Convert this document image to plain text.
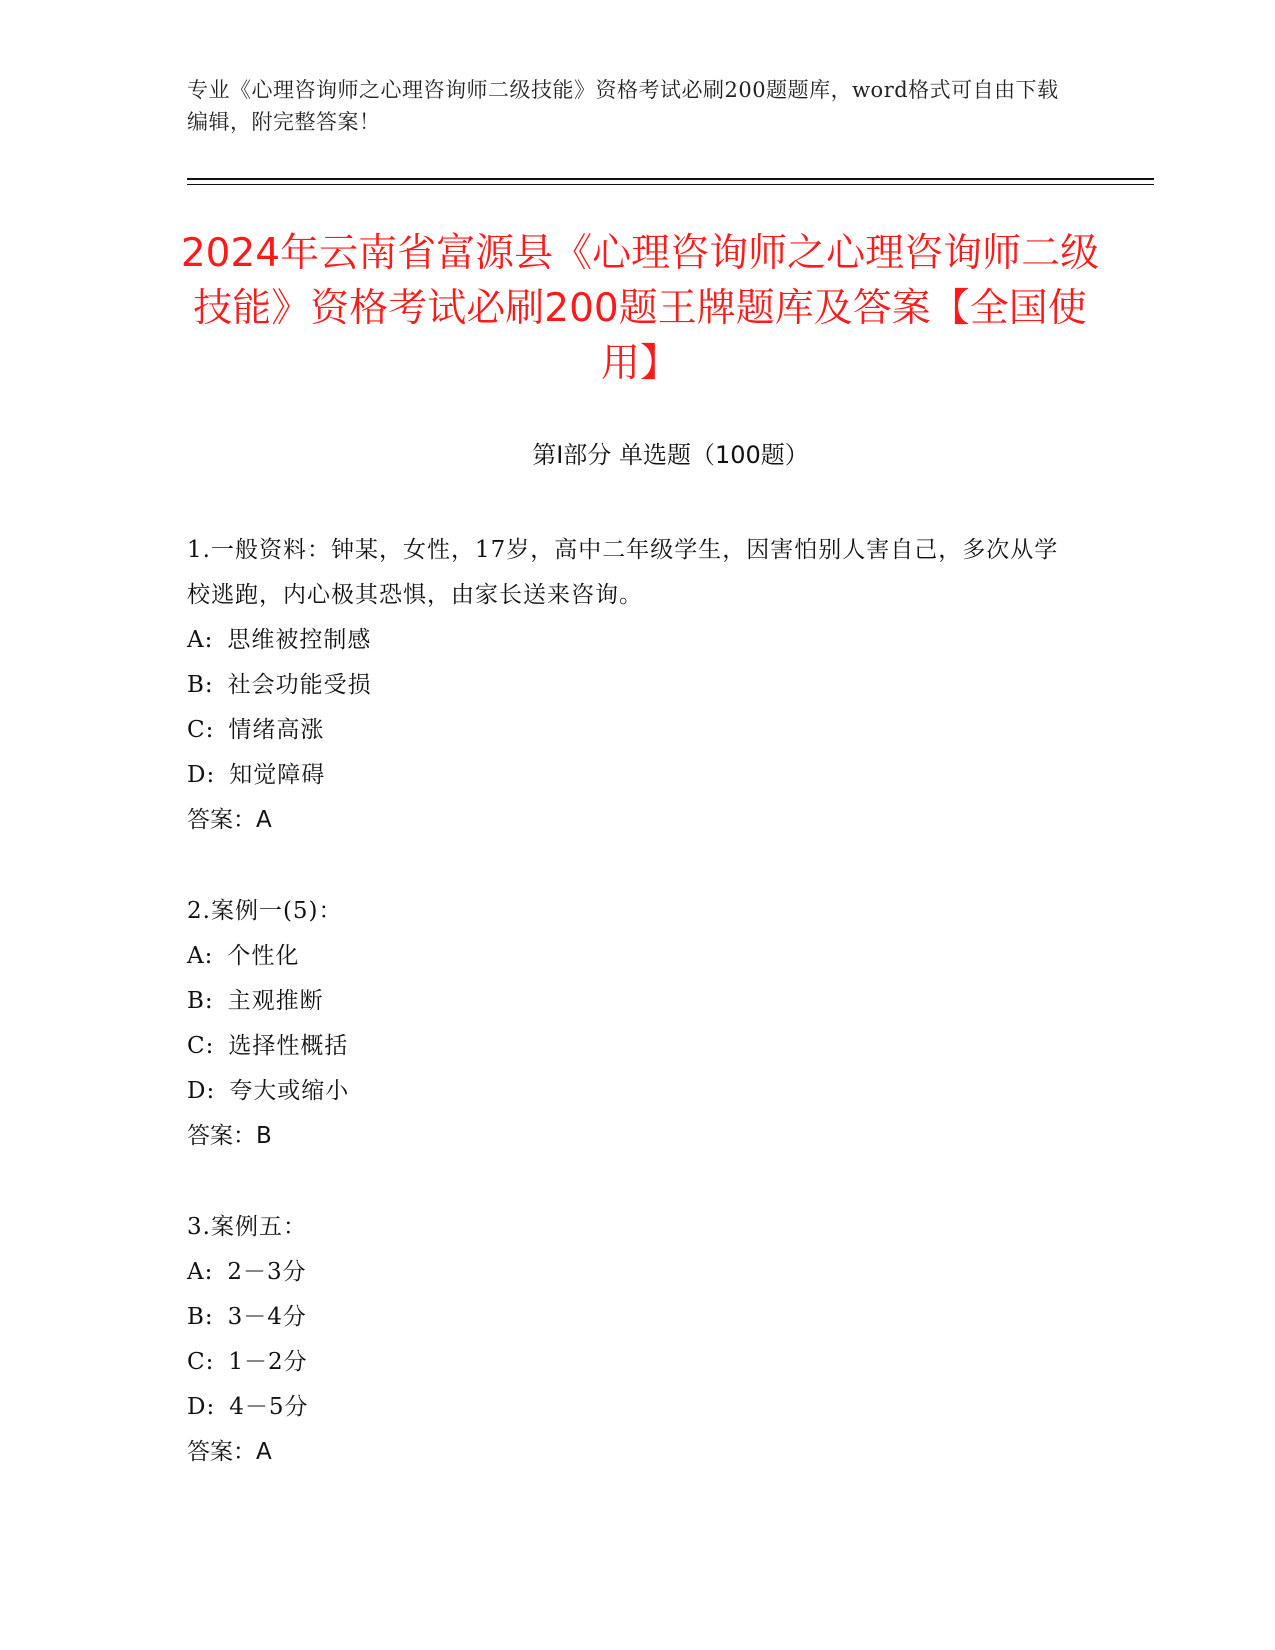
专业《心理咨询师之心理咨询师二级技能》资格考试必刷200题题库，word格式可自由下载编辑，附完整答案！
2024年云南省富源县《心理咨询师之心理咨询师二级技能》资格考试必刷200题王牌题库及答案【全国使用】
第Ⅰ部分 单选题（100题）
1.一般资料：钟某，女性，17岁，高中二年级学生，因害怕别人害自己，多次从学校逃跑，内心极其恐惧，由家长送来咨询。
A: 思维被控制感
B: 社会功能受损
C: 情绪高涨
D: 知觉障碍
答案：A
2.案例一(5)：
A: 个性化
B: 主观推断
C: 选择性概括
D: 夸大或缩小
答案：B
3.案例五：
A: 2－3分
B: 3－4分
C: 1－2分
D: 4－5分
答案：A
